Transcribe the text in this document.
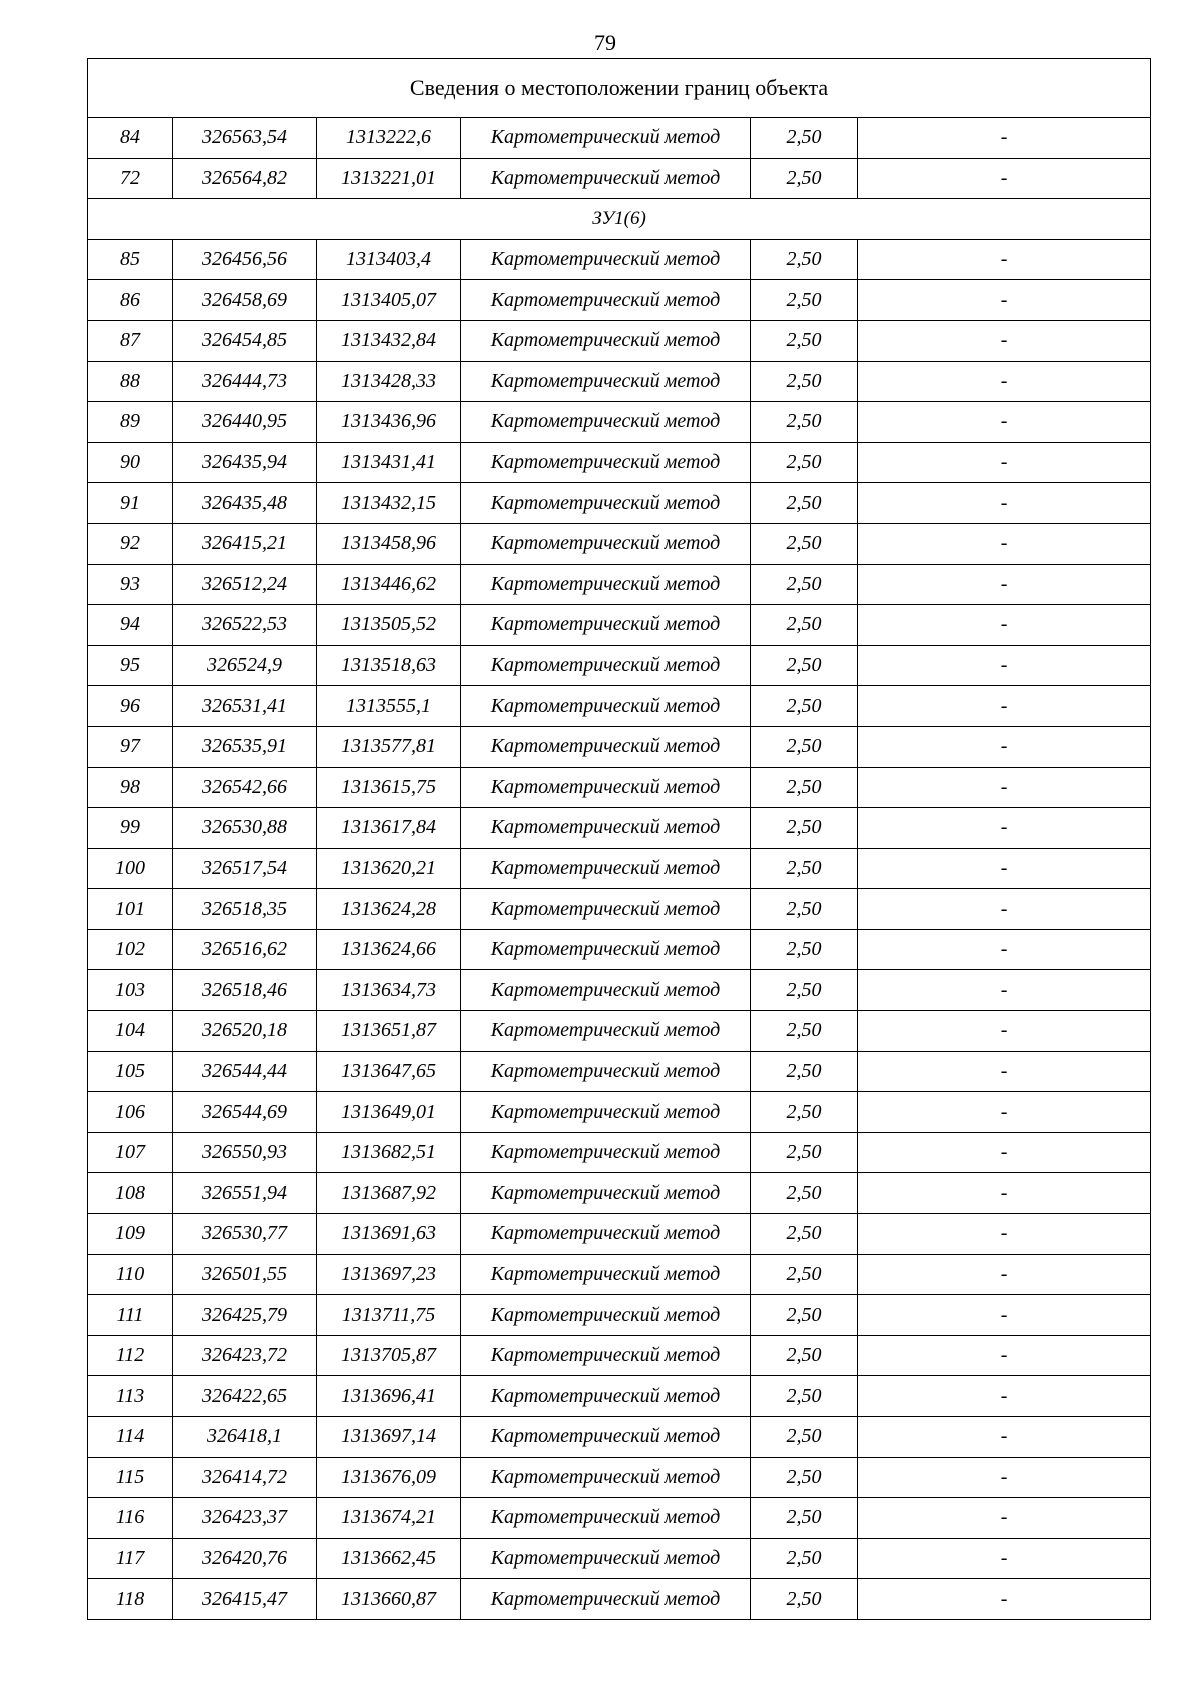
79
Сведения о местоположении границ объекта					
84	326563,54	1313222,6	Картометрический метод	2,50	-
72	326564,82	1313221,01	Картометрический метод	2,50	-
ЗУ1(6)					
85	326456,56	1313403,4	Картометрический метод	2,50	-
86	326458,69	1313405,07	Картометрический метод	2,50	-
87	326454,85	1313432,84	Картометрический метод	2,50	-
88	326444,73	1313428,33	Картометрический метод	2,50	-
89	326440,95	1313436,96	Картометрический метод	2,50	-
90	326435,94	1313431,41	Картометрический метод	2,50	-
91	326435,48	1313432,15	Картометрический метод	2,50	-
92	326415,21	1313458,96	Картометрический метод	2,50	-
93	326512,24	1313446,62	Картометрический метод	2,50	-
94	326522,53	1313505,52	Картометрический метод	2,50	-
95	326524,9	1313518,63	Картометрический метод	2,50	-
96	326531,41	1313555,1	Картометрический метод	2,50	-
97	326535,91	1313577,81	Картометрический метод	2,50	-
98	326542,66	1313615,75	Картометрический метод	2,50	-
99	326530,88	1313617,84	Картометрический метод	2,50	-
100	326517,54	1313620,21	Картометрический метод	2,50	-
101	326518,35	1313624,28	Картометрический метод	2,50	-
102	326516,62	1313624,66	Картометрический метод	2,50	-
103	326518,46	1313634,73	Картометрический метод	2,50	-
104	326520,18	1313651,87	Картометрический метод	2,50	-
105	326544,44	1313647,65	Картометрический метод	2,50	-
106	326544,69	1313649,01	Картометрический метод	2,50	-
107	326550,93	1313682,51	Картометрический метод	2,50	-
108	326551,94	1313687,92	Картометрический метод	2,50	-
109	326530,77	1313691,63	Картометрический метод	2,50	-
110	326501,55	1313697,23	Картометрический метод	2,50	-
111	326425,79	1313711,75	Картометрический метод	2,50	-
112	326423,72	1313705,87	Картометрический метод	2,50	-
113	326422,65	1313696,41	Картометрический метод	2,50	-
114	326418,1	1313697,14	Картометрический метод	2,50	-
115	326414,72	1313676,09	Картометрический метод	2,50	-
116	326423,37	1313674,21	Картометрический метод	2,50	-
117	326420,76	1313662,45	Картометрический метод	2,50	-
118	326415,47	1313660,87	Картометрический метод	2,50	-
